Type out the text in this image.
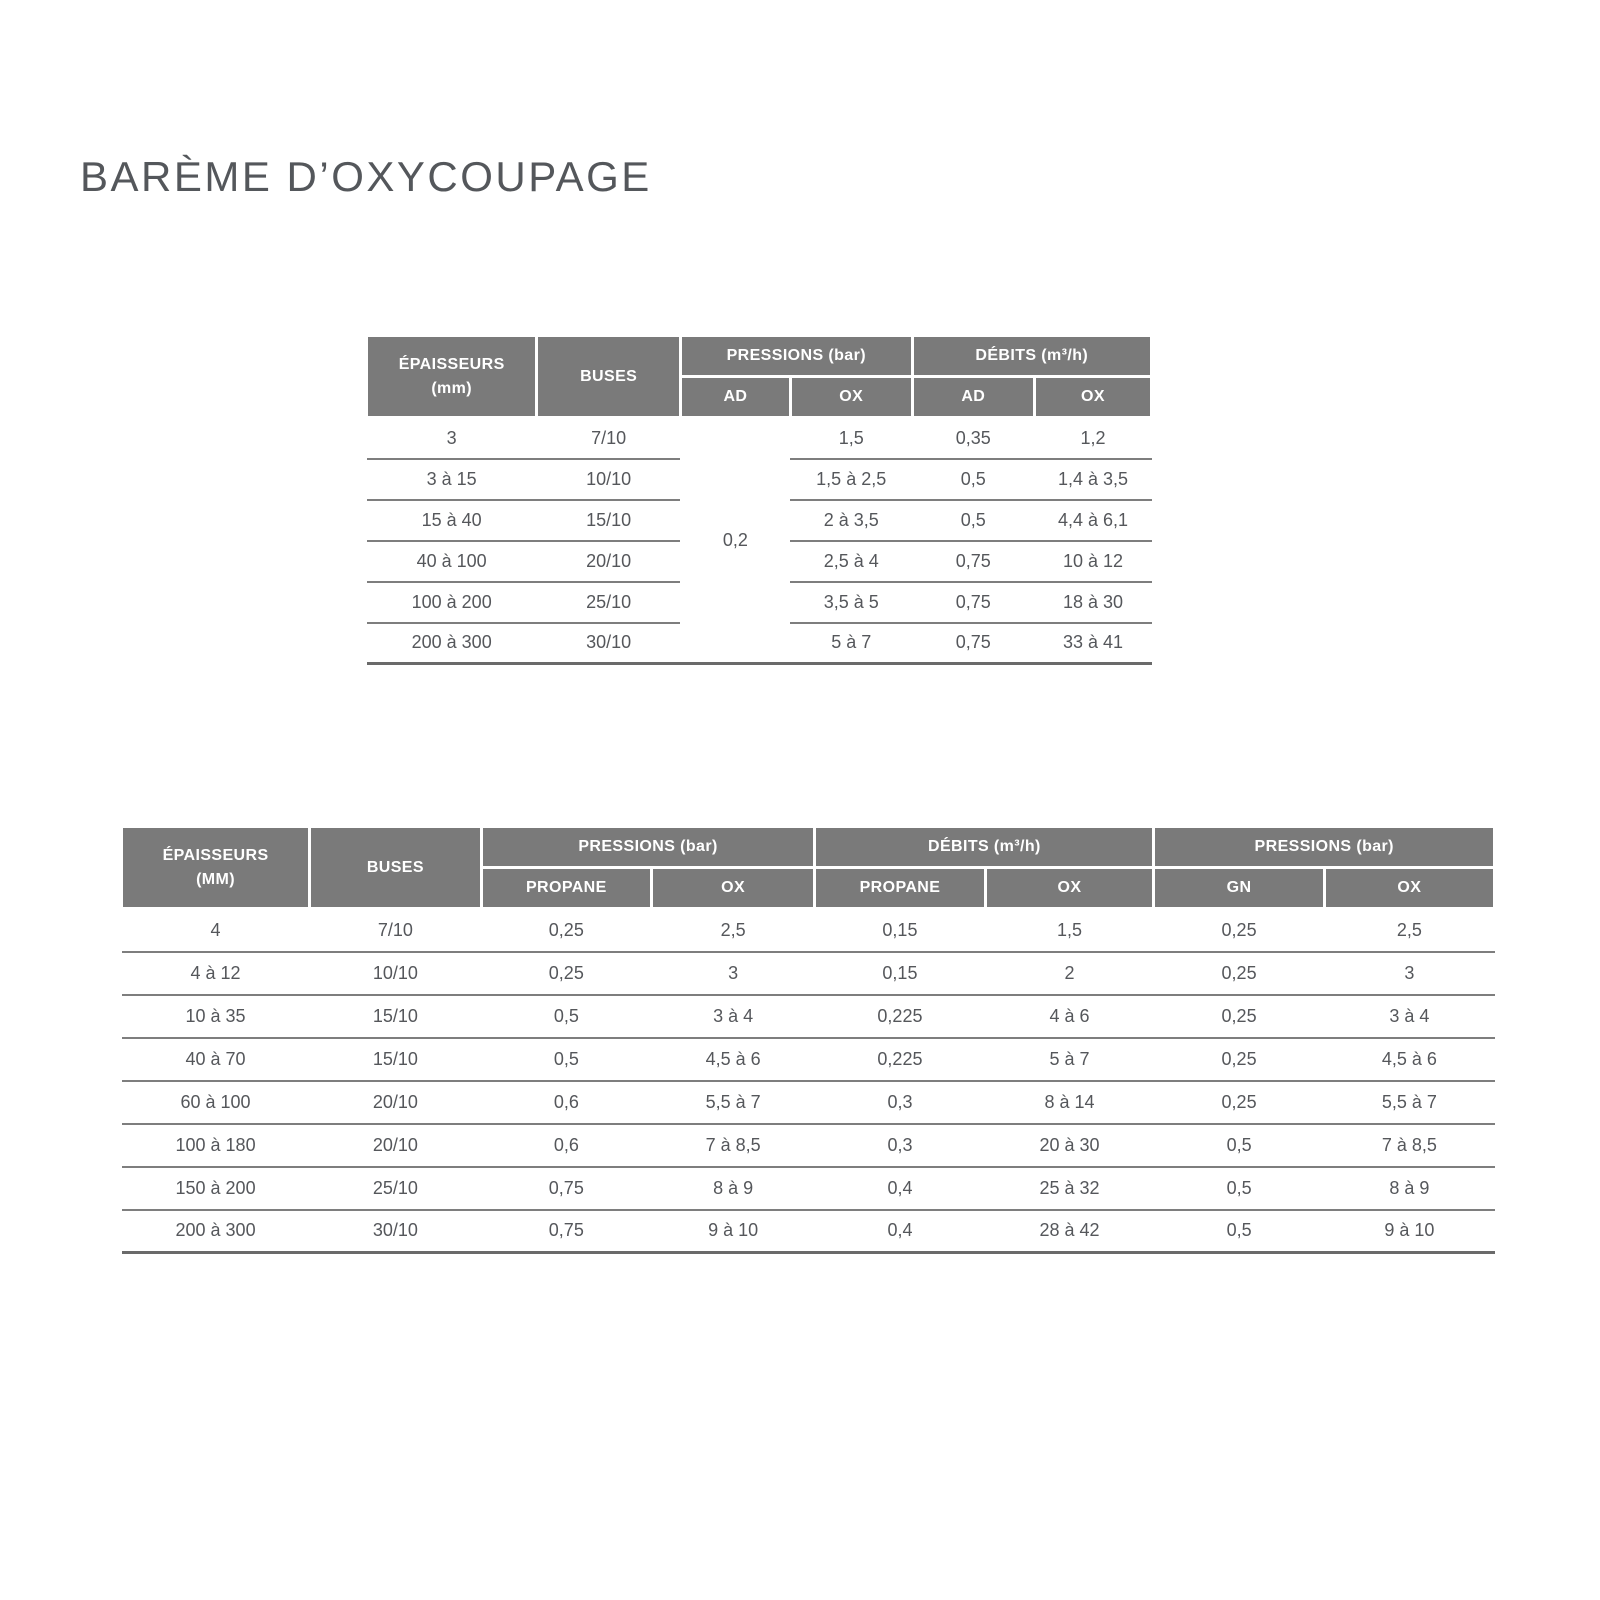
BARÈME D’OXYCOUPAGE
ÉPAISSEURS
(mm)	BUSES	PRESSIONS (bar)		DÉBITS (m³/h)	
		AD	OX	AD	OX
3	7/10	0,2	1,5	0,35	1,2
3 à 15	10/10		1,5 à 2,5	0,5	1,4 à 3,5
15 à 40	15/10		2 à 3,5	0,5	4,4 à 6,1
40 à 100	20/10		2,5 à 4	0,75	10 à 12
100 à 200	25/10		3,5 à 5	0,75	18 à 30
200 à 300	30/10		5 à 7	0,75	33 à 41
ÉPAISSEURS
(MM)	BUSES	PRESSIONS (bar)		DÉBITS (m³/h)		PRESSIONS (bar)	
		PROPANE	OX	PROPANE	OX	GN	OX
4	7/10	0,25	2,5	0,15	1,5	0,25	2,5
4 à 12	10/10	0,25	3	0,15	2	0,25	3
10 à 35	15/10	0,5	3 à 4	0,225	4 à 6	0,25	3 à 4
40 à 70	15/10	0,5	4,5 à 6	0,225	5 à 7	0,25	4,5 à 6
60 à 100	20/10	0,6	5,5 à 7	0,3	8 à 14	0,25	5,5 à 7
100 à 180	20/10	0,6	7 à 8,5	0,3	20 à 30	0,5	7 à 8,5
150 à 200	25/10	0,75	8 à 9	0,4	25 à 32	0,5	8 à 9
200 à 300	30/10	0,75	9 à 10	0,4	28 à 42	0,5	9 à 10
